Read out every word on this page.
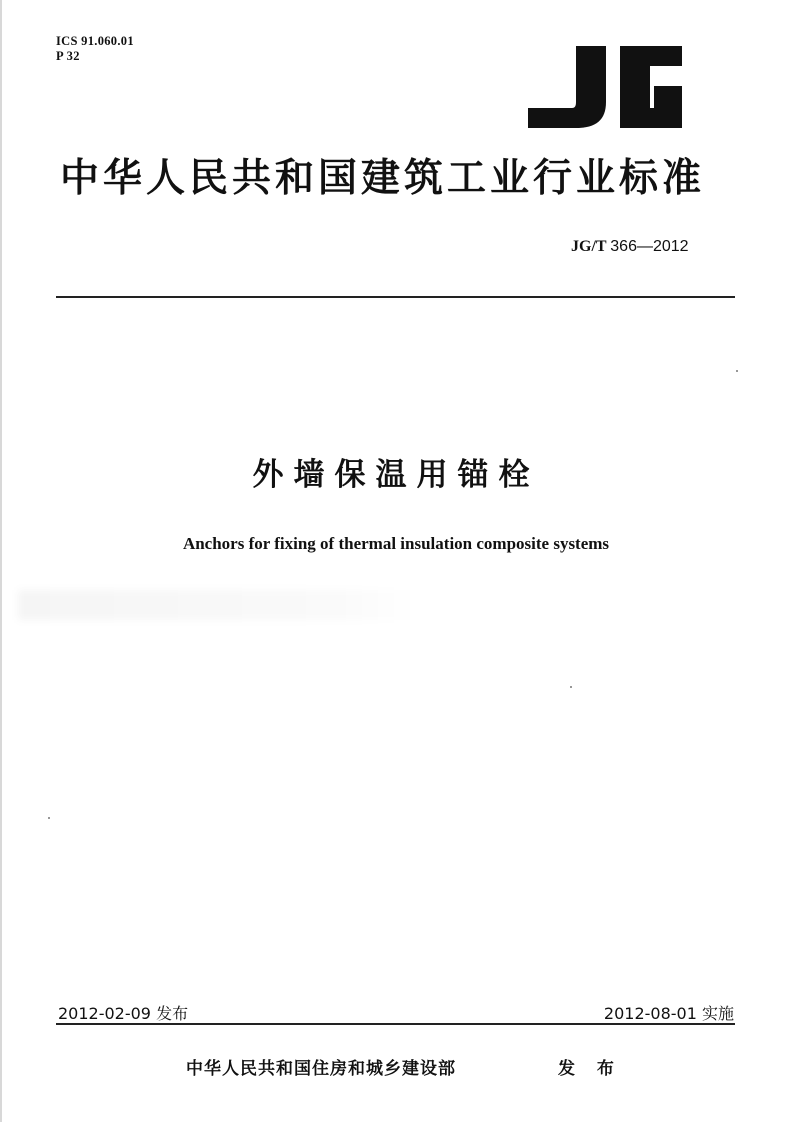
ICS 91.060.01
P 32
JG
中华人民共和国建筑工业行业标准
JG/T 366—2012
外墙保温用锚栓
Anchors for fixing of thermal insulation composite systems
2012-02-09 发布	2012-08-01 实施
中华人民共和国住房和城乡建设部	发 布
